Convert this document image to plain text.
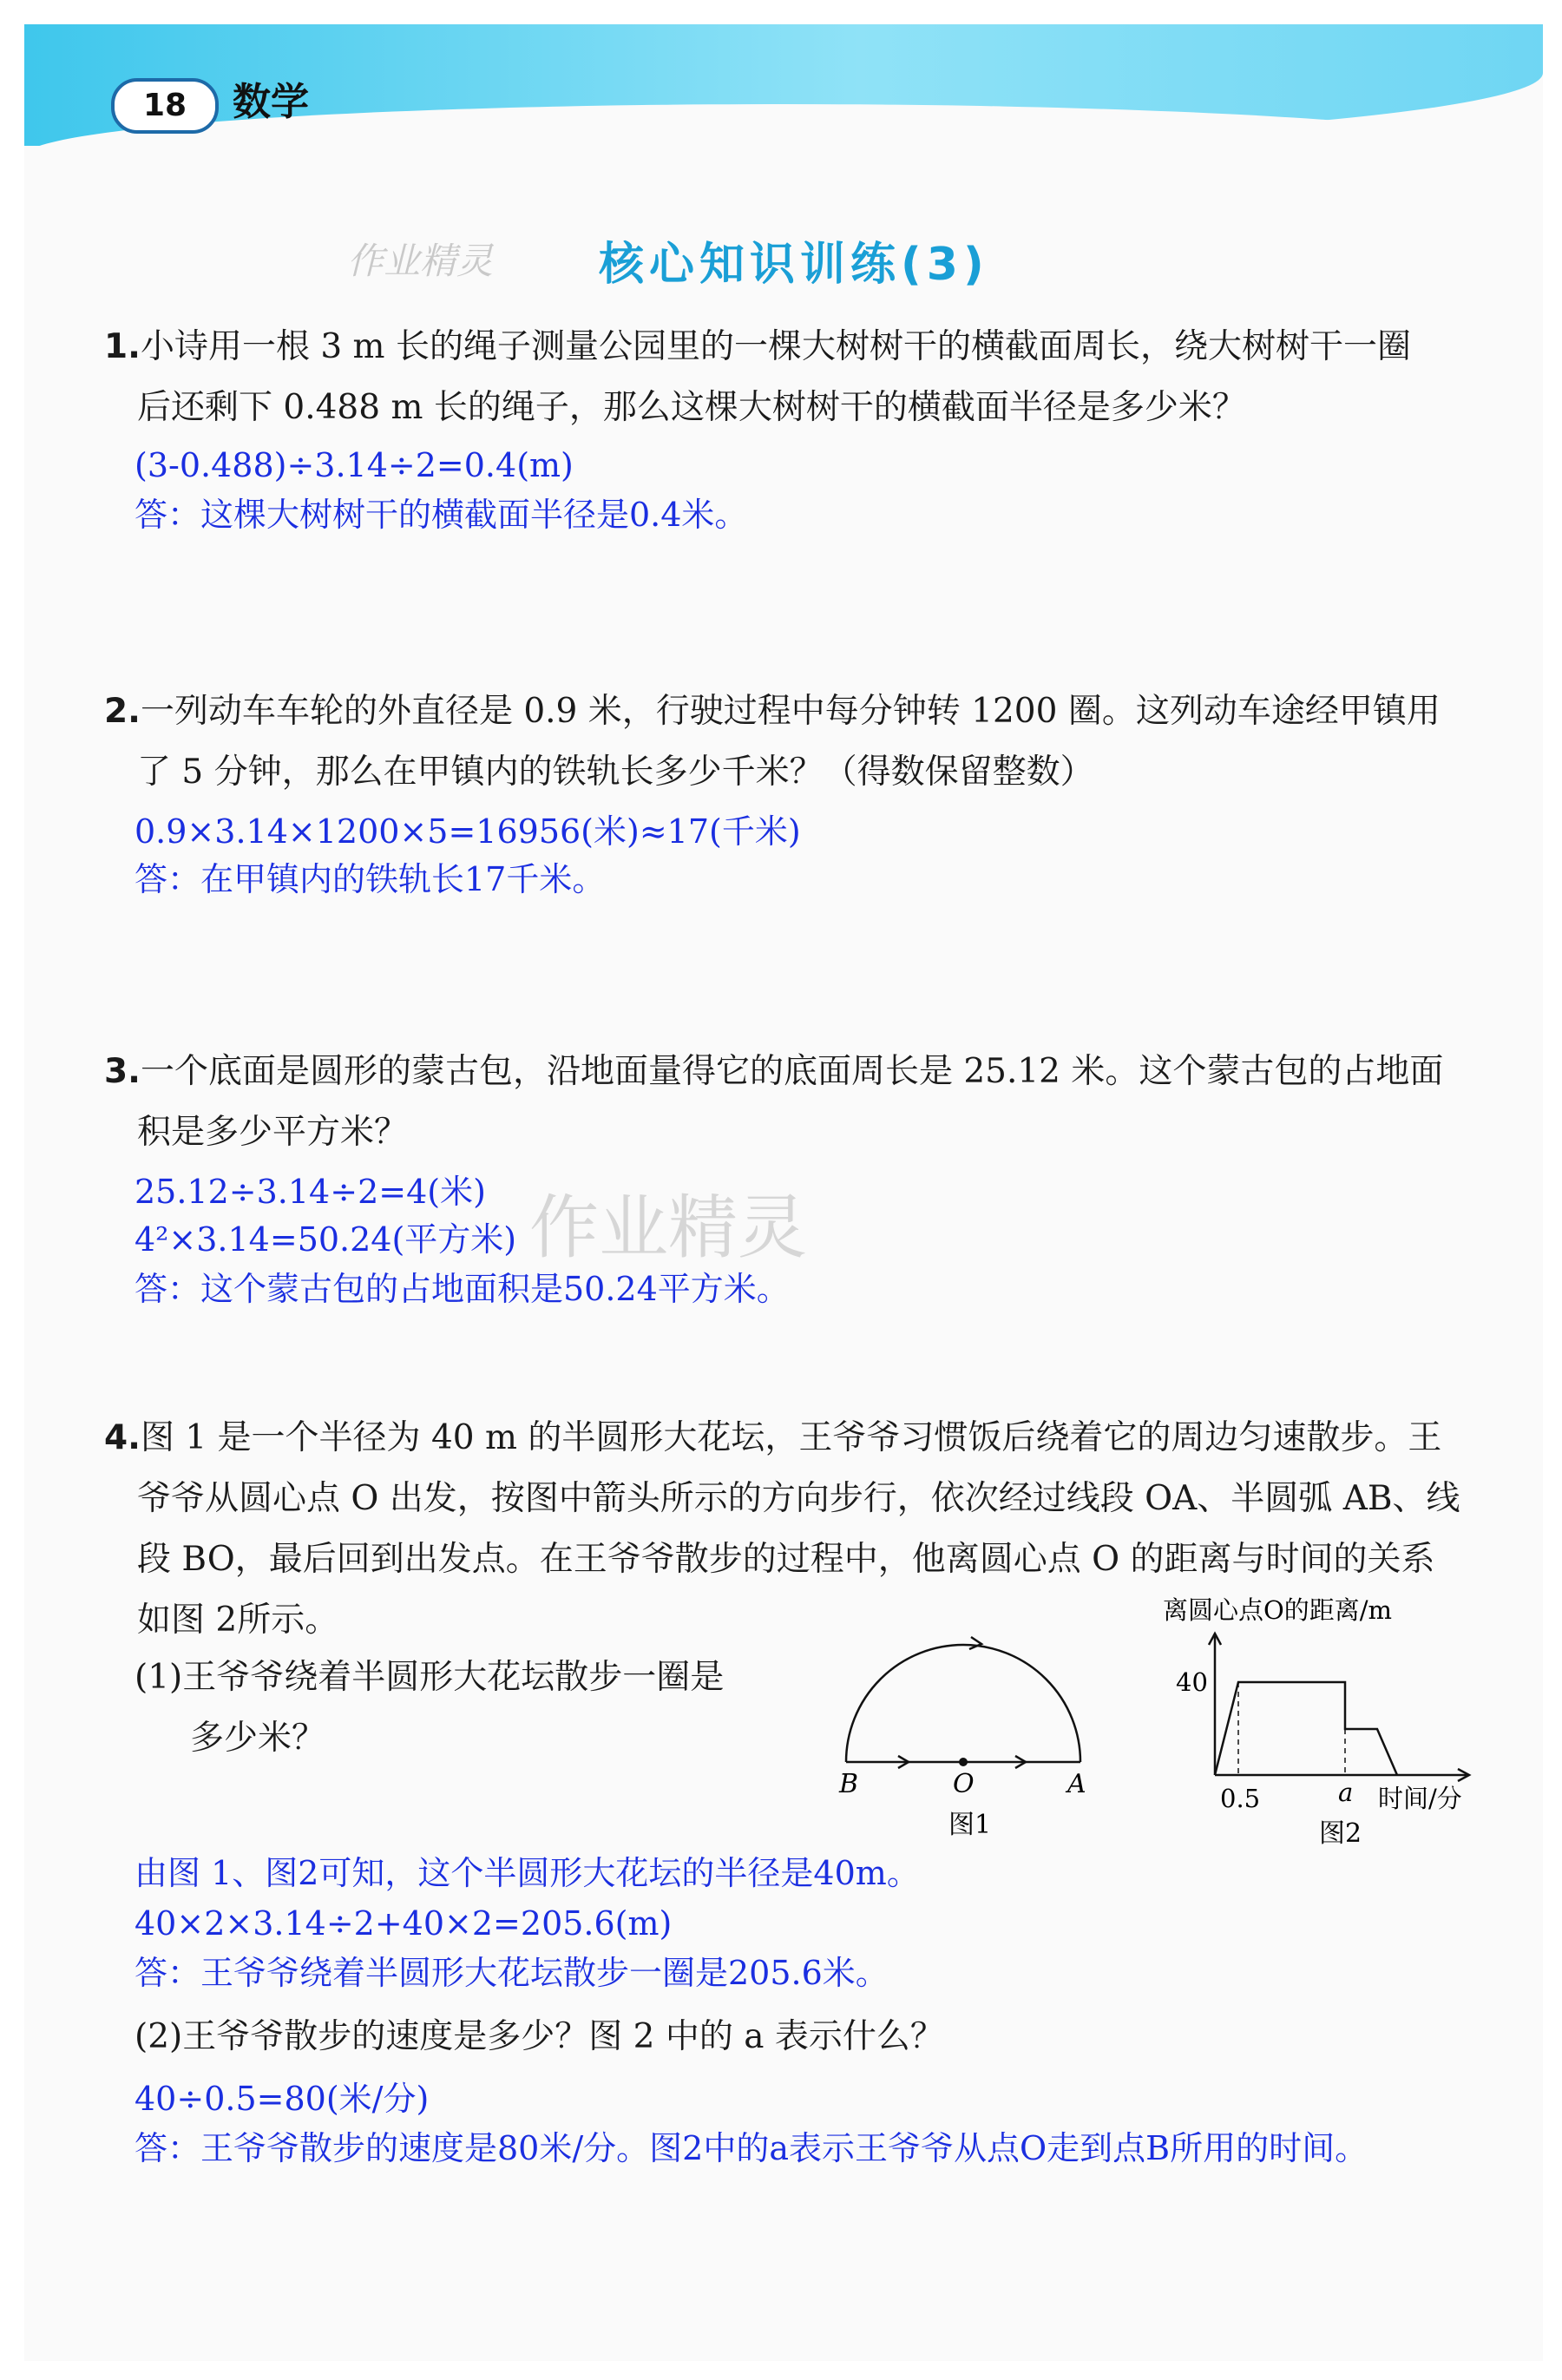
18	数学
作业精灵 核心知识训练(3)
1.小诗用一根 3 m 长的绳子测量公园里的一棵大树树干的横截面周长，绕大树树干一圈
后还剩下 0.488 m 长的绳子，那么这棵大树树干的横截面半径是多少米？
(3-0.488)÷3.14÷2=0.4(m)
答：这棵大树树干的横截面半径是0.4米。
2.一列动车车轮的外直径是 0.9 米，行驶过程中每分钟转 1200 圈。这列动车途经甲镇用
了 5 分钟，那么在甲镇内的铁轨长多少千米？（得数保留整数）
0.9×3.14×1200×5=16956(米)≈17(千米)
答：在甲镇内的铁轨长17千米。
3.一个底面是圆形的蒙古包，沿地面量得它的底面周长是 25.12 米。这个蒙古包的占地面
积是多少平方米？
25.12÷3.14÷2=4(米)
4²×3.14=50.24(平方米)
答：这个蒙古包的占地面积是50.24平方米。
作业精灵
4.图 1 是一个半径为 40 m 的半圆形大花坛，王爷爷习惯饭后绕着它的周边匀速散步。王
爷爷从圆心点 O 出发，按图中箭头所示的方向步行，依次经过线段 OA、半圆弧 AB、线
段 BO，最后回到出发点。在王爷爷散步的过程中，他离圆心点 O 的距离与时间的关系
如图 2所示。
(1)王爷爷绕着半圆形大花坛散步一圈是
多少米？
B	O	A
图1
离圆心点O的距离/m
40
0.5	a 时间/分
图2
由图 1、图2可知，这个半圆形大花坛的半径是40m。
40×2×3.14÷2+40×2=205.6(m)
答：王爷爷绕着半圆形大花坛散步一圈是205.6米。
(2)王爷爷散步的速度是多少？图 2 中的 a 表示什么？
40÷0.5=80(米/分)
答：王爷爷散步的速度是80米/分。图2中的a表示王爷爷从点O走到点B所用的时间。
